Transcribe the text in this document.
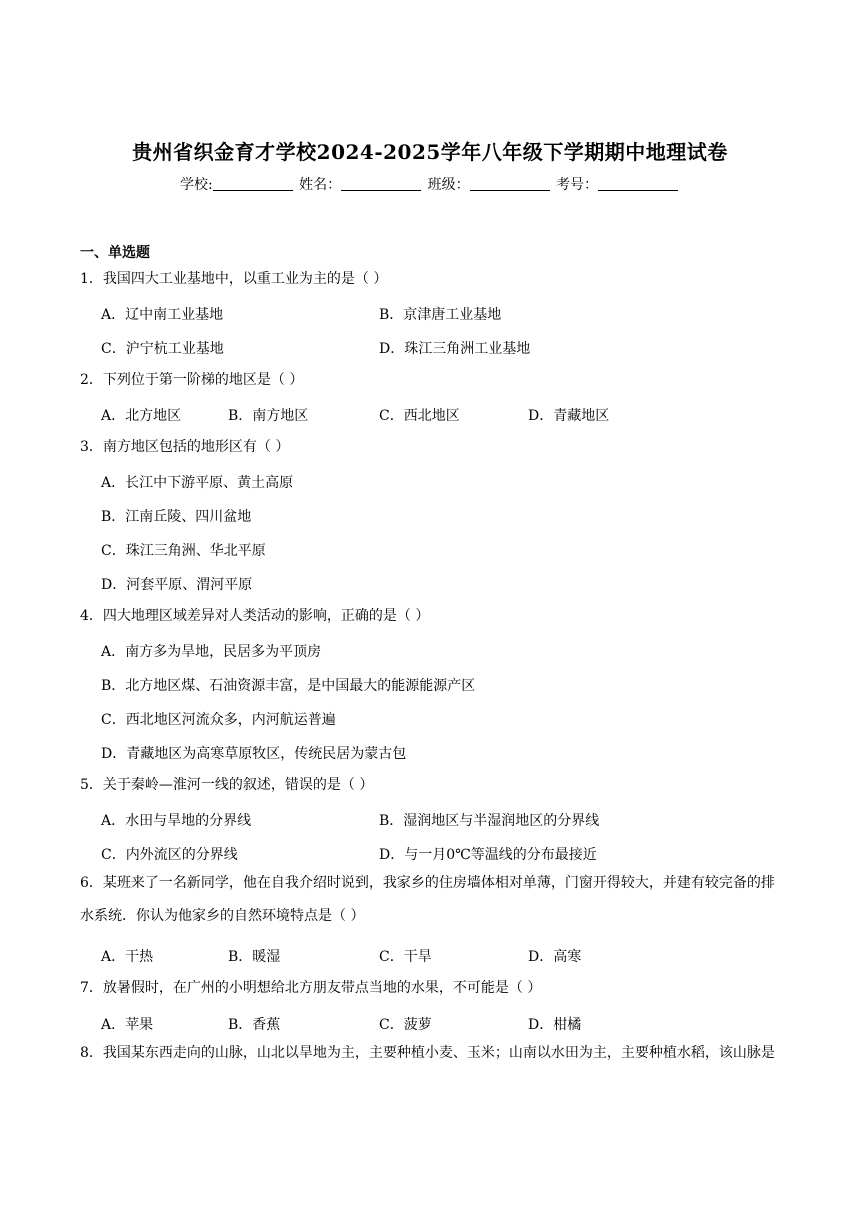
贵州省织金育才学校2024-2025学年八年级下学期期中地理试卷
学校:	姓名：	班级：	考号：
一、单选题
1．我国四大工业基地中，以重工业为主的是（ ）
A．辽中南工业基地	B．京津唐工业基地
C．沪宁杭工业基地	D．珠江三角洲工业基地
2．下列位于第一阶梯的地区是（ ）
A．北方地区	B．南方地区	C．西北地区	D．青藏地区
3．南方地区包括的地形区有（ ）
A．长江中下游平原、黄土高原
B．江南丘陵、四川盆地
C．珠江三角洲、华北平原
D．河套平原、渭河平原
4．四大地理区域差异对人类活动的影响，正确的是（ ）
A．南方多为旱地，民居多为平顶房
B．北方地区煤、石油资源丰富，是中国最大的能源能源产区
C．西北地区河流众多，内河航运普遍
D．青藏地区为高寒草原牧区，传统民居为蒙古包
5．关于秦岭—淮河一线的叙述，错误的是（ ）
A．水田与旱地的分界线	B．湿润地区与半湿润地区的分界线
C．内外流区的分界线	D．与一月0℃等温线的分布最接近
6．某班来了一名新同学，他在自我介绍时说到，我家乡的住房墙体相对单薄，门窗开得较大，并建有较完备的排水系统．你认为他家乡的自然环境特点是（ ）
A．干热	B．暖湿	C．干旱	D．高寒
7．放暑假时，在广州的小明想给北方朋友带点当地的水果，不可能是（ ）
A．苹果	B．香蕉	C．菠萝	D．柑橘
8．我国某东西走向的山脉，山北以旱地为主，主要种植小麦、玉米；山南以水田为主，主要种植水稻，该山脉是
